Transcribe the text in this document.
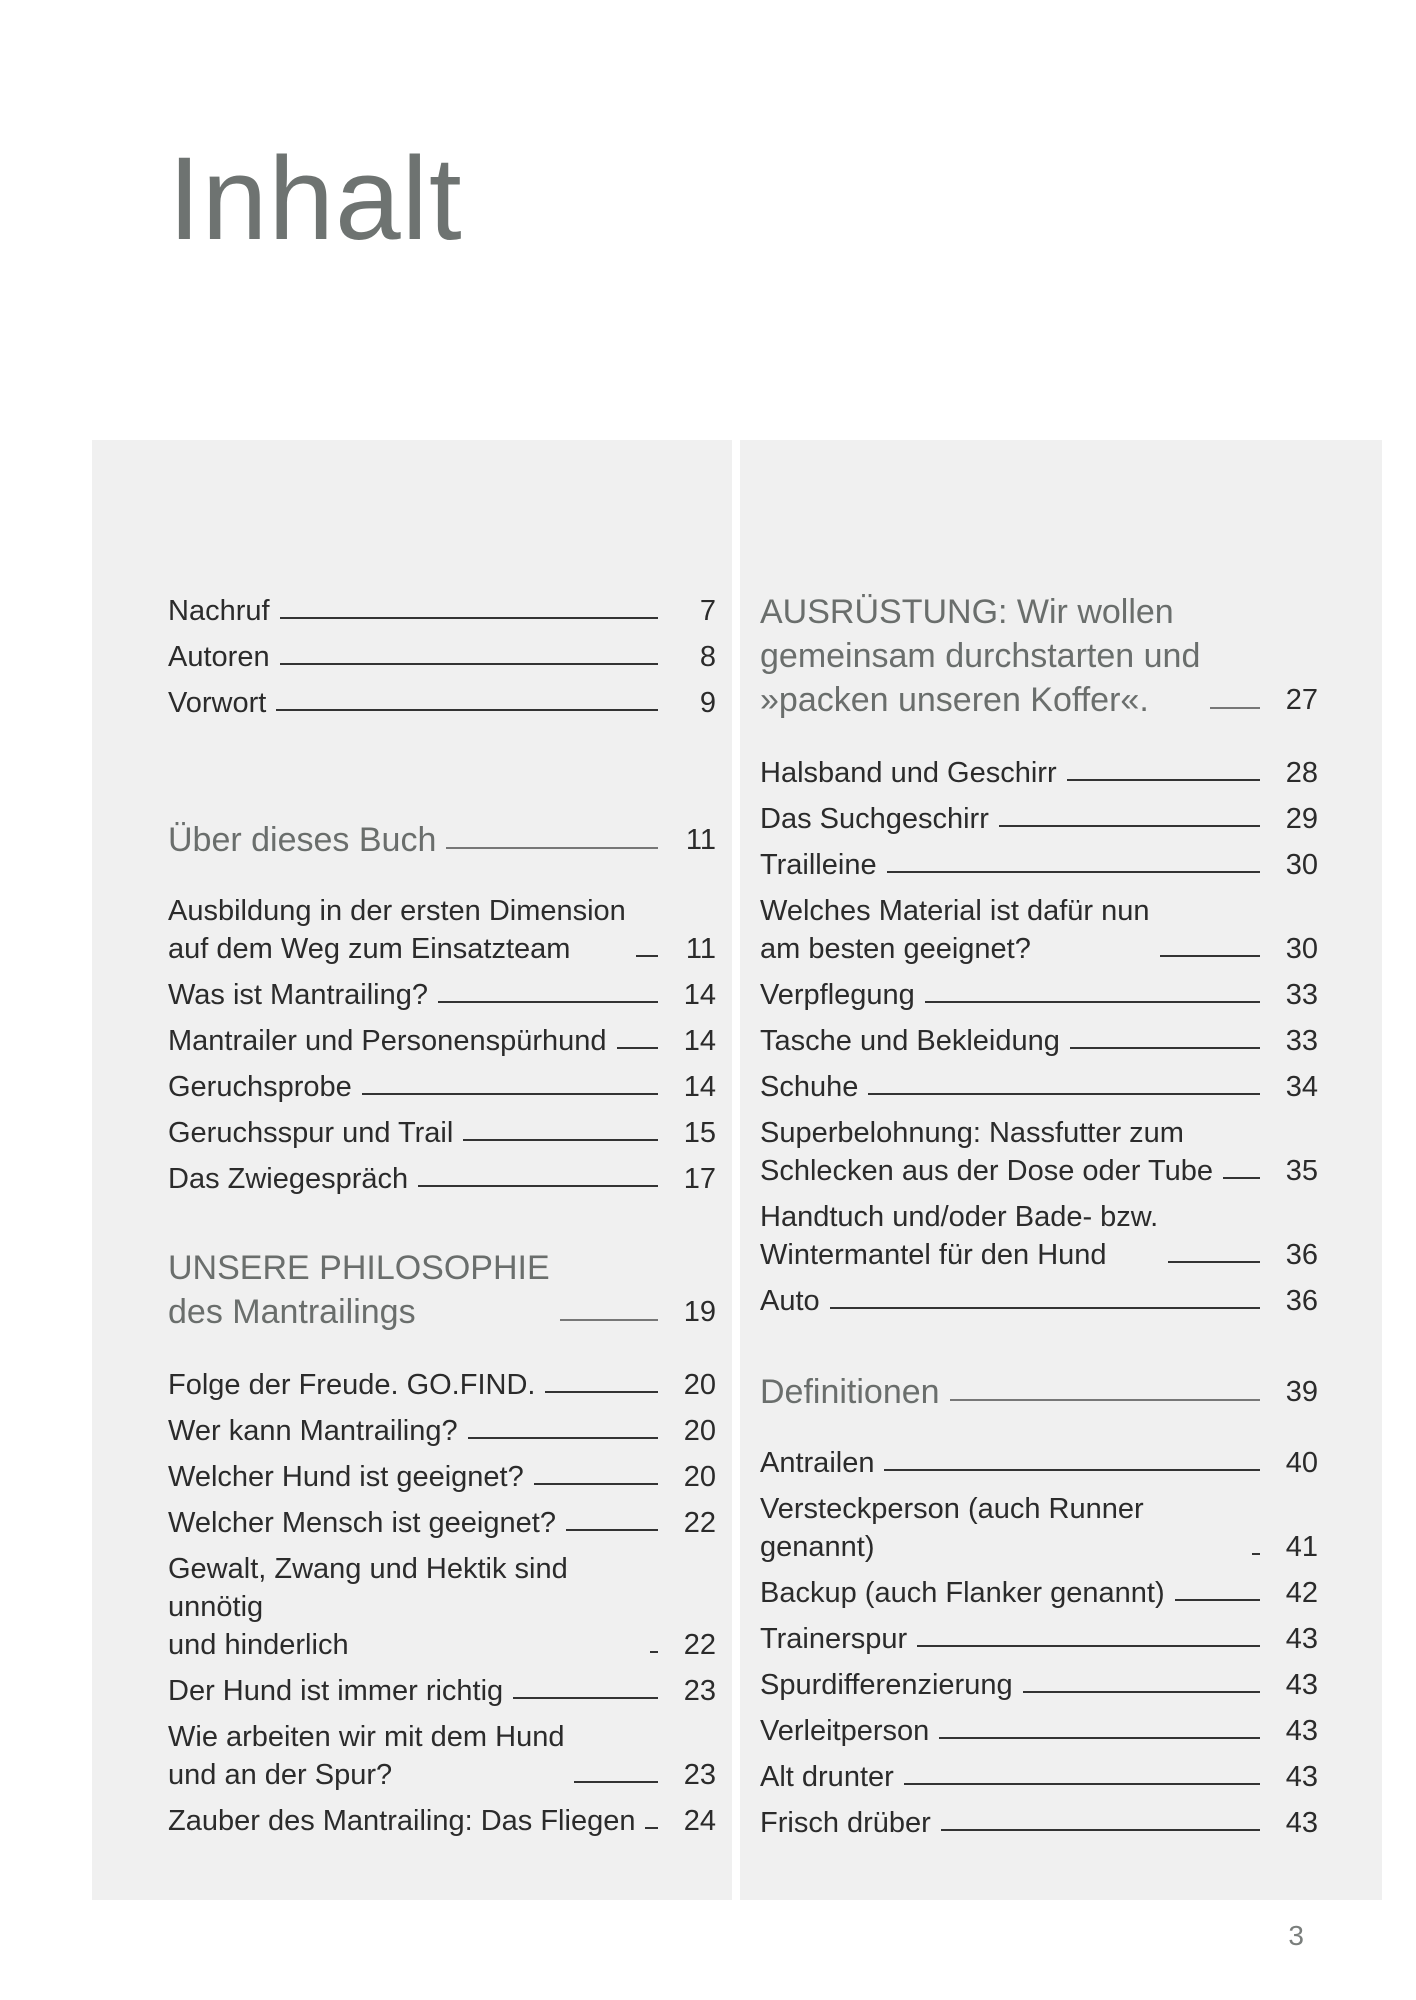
Inhalt
Nachruf	7
Autoren	8
Vorwort	9
Über dieses Buch	11
Ausbildung in der ersten Dimension
auf dem Weg zum Einsatzteam	11
Was ist Mantrailing?	14
Mantrailer und Personenspürhund	14
Geruchsprobe	14
Geruchsspur und Trail	15
Das Zwiegespräch	17
UNSERE PHILOSOPHIE
des Mantrailings	19
Folge der Freude. GO.FIND.	20
Wer kann Mantrailing?	20
Welcher Hund ist geeignet?	20
Welcher Mensch ist geeignet?	22
Gewalt, Zwang und Hektik sind unnötig
und hinderlich	22
Der Hund ist immer richtig	23
Wie arbeiten wir mit dem Hund
und an der Spur?	23
Zauber des Mantrailing: Das Fliegen	24
AUSRÜSTUNG: Wir wollen
gemeinsam durchstarten und
»packen unseren Koffer«.	27
Halsband und Geschirr	28
Das Suchgeschirr	29
Trailleine	30
Welches Material ist dafür nun
am besten geeignet?	30
Verpflegung	33
Tasche und Bekleidung	33
Schuhe	34
Superbelohnung: Nassfutter zum
Schlecken aus der Dose oder Tube	35
Handtuch und/oder Bade- bzw.
Wintermantel für den Hund	36
Auto	36
Definitionen	39
Antrailen	40
Versteckperson (auch Runner genannt)	41
Backup (auch Flanker genannt)	42
Trainerspur	43
Spurdifferenzierung	43
Verleitperson	43
Alt drunter	43
Frisch drüber	43
3
